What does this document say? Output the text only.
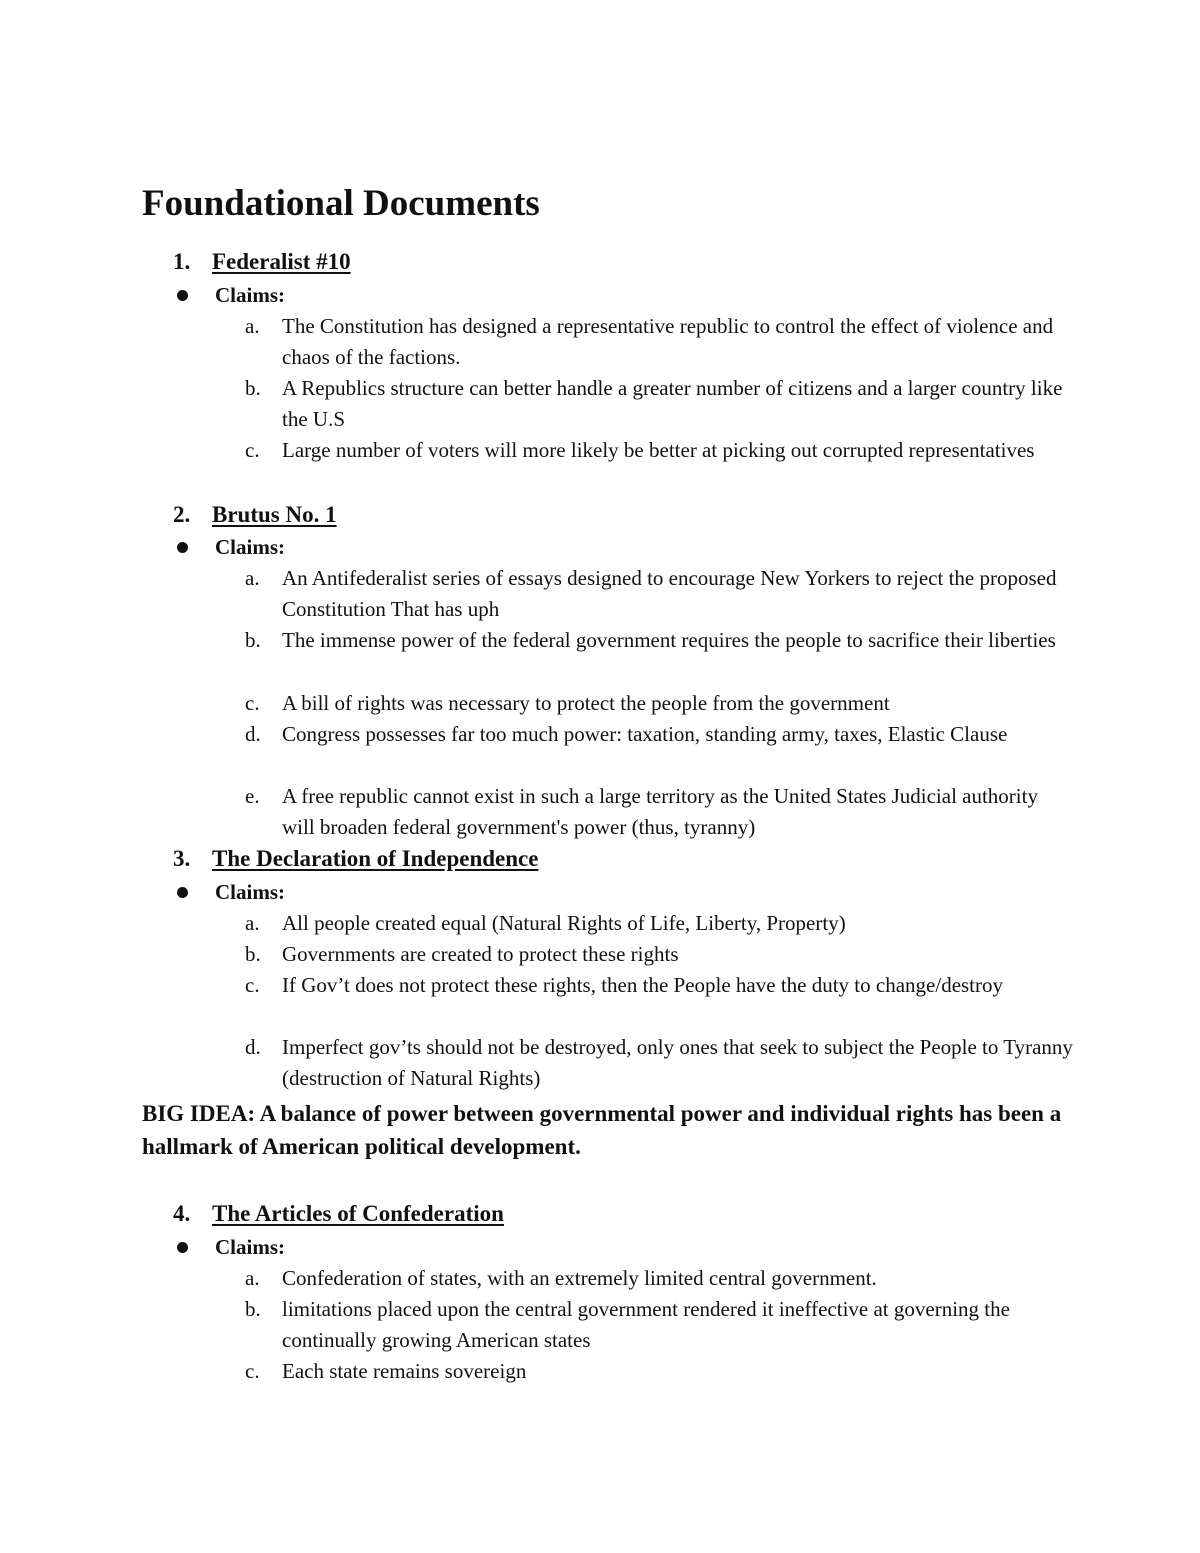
Foundational Documents
1. Federalist #10
Claims:
a.	The Constitution has designed a representative republic to control the effect of violence and chaos of the factions.
b.	A Republics structure can better handle a greater number of citizens and a larger country like the U.S
c.	Large number of voters will more likely be better at picking out corrupted representatives
2. Brutus No. 1
Claims:
a.	An Antifederalist series of essays designed to encourage New Yorkers to reject the proposed Constitution That has uph
b.	The immense power of the federal government requires the people to sacrifice their liberties
c.	A bill of rights was necessary to protect the people from the government
d.	Congress possesses far too much power: taxation, standing army, taxes, Elastic Clause
e.	A free republic cannot exist in such a large territory as the United States Judicial authority will broaden federal government's power (thus, tyranny)
3. The Declaration of Independence
Claims:
a.	All people created equal (Natural Rights of Life, Liberty, Property)
b.	Governments are created to protect these rights
c.	If Gov’t does not protect these rights, then the People have the duty to change/destroy
d.	Imperfect gov’ts should not be destroyed, only ones that seek to subject the People to Tyranny (destruction of Natural Rights)

BIG IDEA: A balance of power between governmental power and individual rights has been a hallmark of American political development.

4. The Articles of Confederation
Claims:
a.	Confederation of states, with an extremely limited central government.
b.	limitations placed upon the central government rendered it ineffective at governing the continually growing American states
c.	Each state remains sovereign
